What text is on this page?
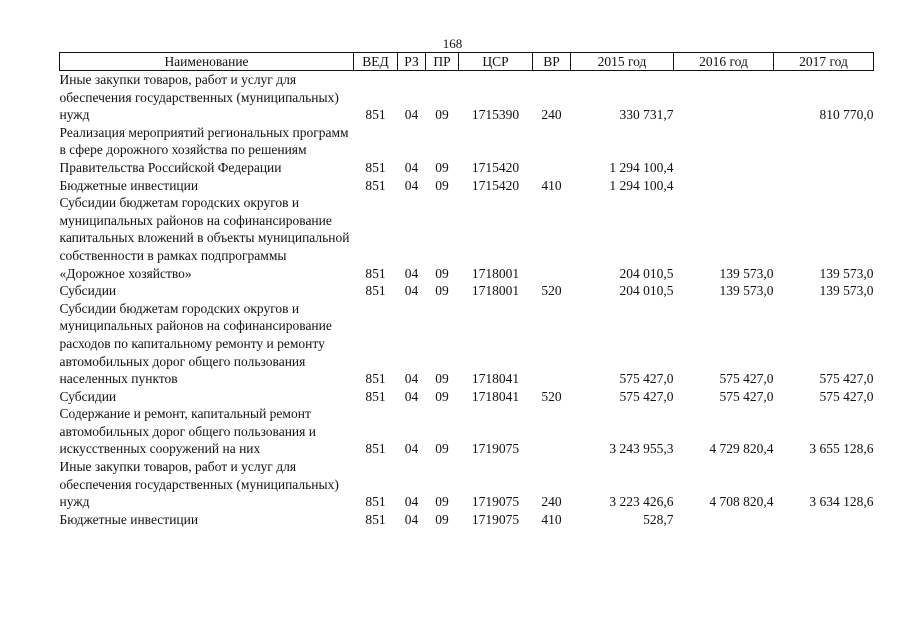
168
Наименование	ВЕД	РЗ	ПР	ЦСР	ВР	2015 год	2016 год	2017 год
Иные закупки товаров, работ и услуг для обеспечения государственных (муниципальных) нужд	851	04	09	1715390	240	330 731,7		810 770,0
Реализация мероприятий региональных программ в сфере дорожного хозяйства по решениям Правительства Российской Федерации	851	04	09	1715420		1 294 100,4		
Бюджетные инвестиции	851	04	09	1715420	410	1 294 100,4		
Субсидии бюджетам городских округов и муниципальных районов на софинансирование капитальных вложений в объекты муниципальной собственности в рамках подпрограммы «Дорожное хозяйство»	851	04	09	1718001		204 010,5	139 573,0	139 573,0
Субсидии	851	04	09	1718001	520	204 010,5	139 573,0	139 573,0
Субсидии бюджетам городских округов и муниципальных районов на софинансирование расходов по капитальному ремонту и ремонту автомобильных дорог общего пользования населенных пунктов	851	04	09	1718041		575 427,0	575 427,0	575 427,0
Субсидии	851	04	09	1718041	520	575 427,0	575 427,0	575 427,0
Содержание и ремонт, капитальный ремонт автомобильных дорог общего пользования и искусственных сооружений на них	851	04	09	1719075		3 243 955,3	4 729 820,4	3 655 128,6
Иные закупки товаров, работ и услуг для обеспечения государственных (муниципальных) нужд	851	04	09	1719075	240	3 223 426,6	4 708 820,4	3 634 128,6
Бюджетные инвестиции	851	04	09	1719075	410	528,7		
